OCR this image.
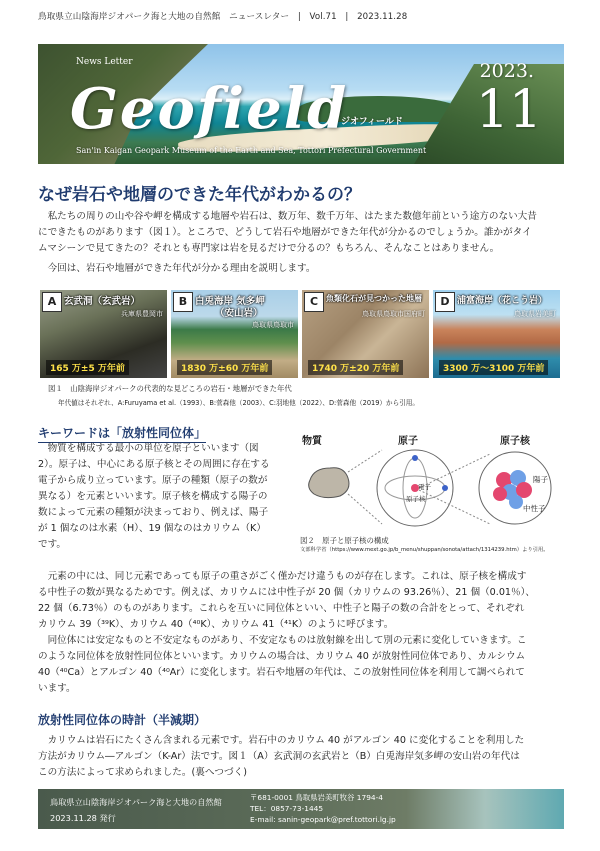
鳥取県立山陰海岸ジオパーク海と大地の自然館　ニュースレター　|　Vol.71　|　2023.11.28
News Letter
Geofield
ジオフィールド
2023.
11
San'in Kaigan Geopark Museum of the Earth and Sea, Tottori Prefectural Government
なぜ岩石や地層のできた年代がわかるの？
　私たちの周りの山や谷や岬を構成する地層や岩石は、数万年、数千万年、はたまた数億年前という途方のない大昔
にできたものがあります（図１）。ところで、どうして岩石や地層ができた年代が分かるのでしょうか。誰かがタイ
ムマシーンで見てきたの？それとも専門家は岩を見るだけで分るの？もちろん、そんなことはありません。
　今回は、岩石や地層ができた年代が分かる理由を説明します。
A 玄武洞（玄武岩）
兵庫県豊岡市
165 万±5 万年前
B 白兎海岸 気多岬
（安山岩）
鳥取県鳥取市
1830 万±60 万年前
C 魚類化石が見つかった地層
鳥取県鳥取市国府町
1740 万±20 万年前
D 浦富海岸（花こう岩）
鳥取県岩美町
3300 万～3100 万年前
図１　山陰海岸ジオパークの代表的な見どころの岩石・地層ができた年代
年代値はそれぞれ、A:Furuyama et al.（1993）、B:菅森他（2003）、C:羽地他（2022）、D:菅森他（2019）から引用。
キーワードは「放射性同位体」
　物質を構成する最小の単位を原子といいます（図
2）。原子は、中心にある原子核とその周囲に存在する
電子から成り立っています。原子の種類（原子の数が
異なる）を元素といいます。原子核を構成する陽子の
数によって元素の種類が決まっており、例えば、陽子
が 1 個なのは水素（H）、19 個なのはカリウム（K）
です。
物質	原子	原子核
電子
原子核
陽子
中性子
図２　原子と原子核の構成
文部科学省（https://www.mext.go.jp/b_menu/shuppan/sonota/attach/1314239.htm）より引用。
　元素の中には、同じ元素であっても原子の重さがごく僅かだけ違うものが存在します。これは、原子核を構成す
る中性子の数が異なるためです。例えば、カリウムには中性子が 20 個（カリウムの 93.26％）、21 個（0.01％）、
22 個（6.73％）のものがあります。これらを互いに同位体といい、中性子と陽子の数の合計をとって、それぞれ
カリウム 39（³⁹K）、カリウム 40（⁴⁰K）、カリウム 41（⁴¹K）のように呼びます。
　同位体には安定なものと不安定なものがあり、不安定なものは放射線を出して別の元素に変化していきます。こ
のような同位体を放射性同位体といいます。カリウムの場合は、カリウム 40 が放射性同位体であり、カルシウム
40（⁴⁰Ca）とアルゴン 40（⁴⁰Ar）に変化します。岩石や地層の年代は、この放射性同位体を利用して調べられて
います。
放射性同位体の時計（半減期）
　カリウムは岩石にたくさん含まれる元素です。岩石中のカリウム 40 がアルゴン 40 に変化することを利用した
方法がカリウム―アルゴン（K-Ar）法です。図１（A）玄武洞の玄武岩と（B）白兎海岸気多岬の安山岩の年代は
この方法によって求められました。(裏へつづく)
鳥取県立山陰海岸ジオパーク海と大地の自然館
2023.11.28 発行
〒681-0001 鳥取県岩美町牧谷 1794-4
TEL：0857-73-1445
E-mail: sanin-geopark@pref.tottori.lg.jp
